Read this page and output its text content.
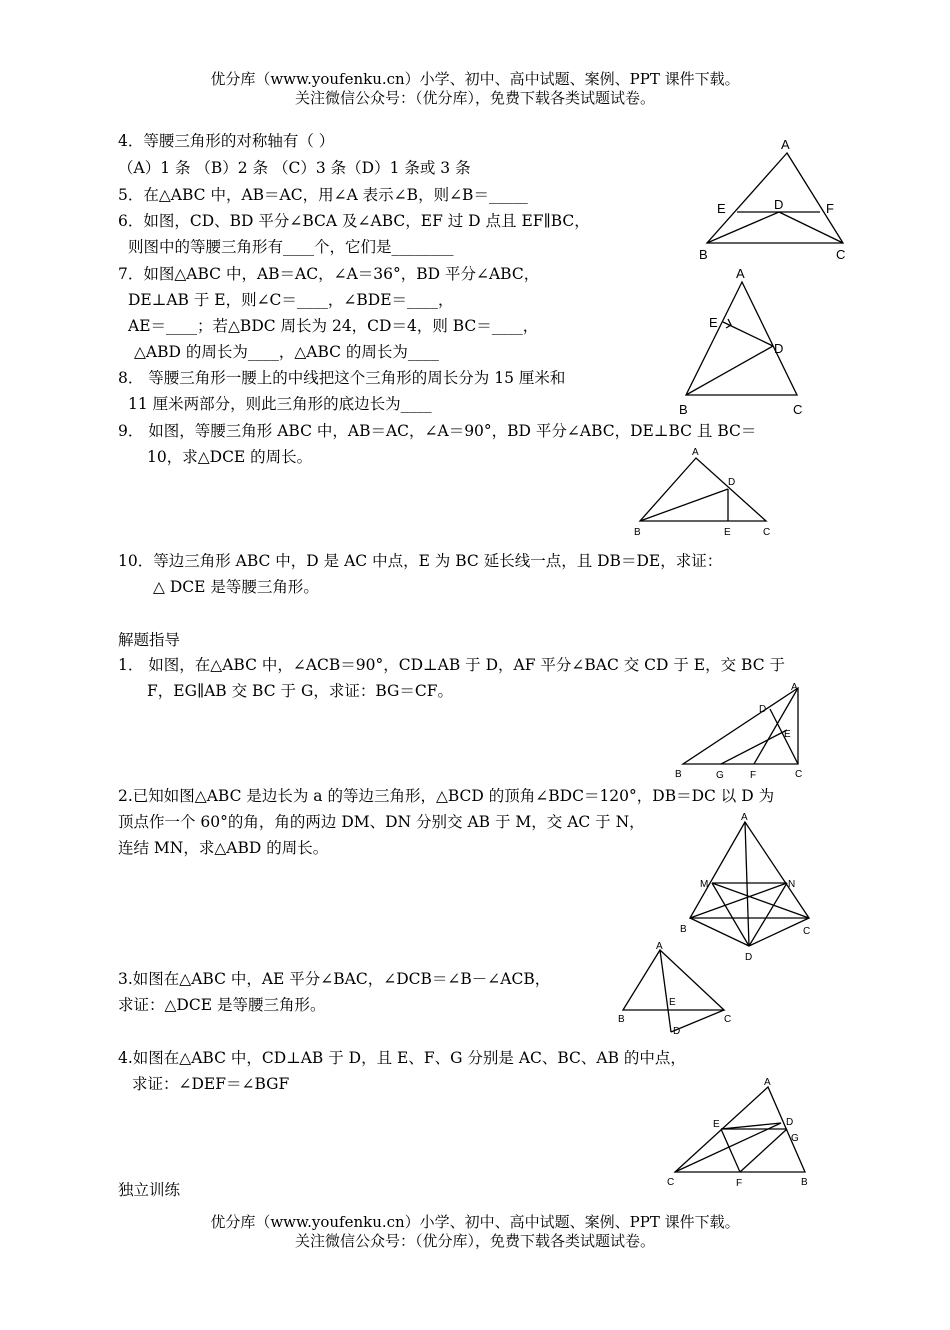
优分库（www.youfenku.cn）小学、初中、高中试题、案例、PPT 课件下载。
关注微信公众号：（优分库），免费下载各类试题试卷。
4．等腰三角形的对称轴有（ ）
（A）1 条 （B）2 条 （C）3 条（D）1 条或 3 条
5．在△ABC 中，AB＝AC，用∠A 表示∠B，则∠B＝_____
6．如图，CD、BD 平分∠BCA 及∠ABC，EF 过 D 点且 EF∥BC，
则图中的等腰三角形有____个，它们是________
7．如图△ABC 中，AB＝AC，∠A＝36°，BD 平分∠ABC，
DE⊥AB 于 E，则∠C＝____，∠BDE＝____，
AE＝____；若△BDC 周长为 24，CD＝4，则 BC＝____，
△ABD 的周长为____，△ABC 的周长为____
8． 等腰三角形一腰上的中线把这个三角形的周长分为 15 厘米和
11 厘米两部分，则此三角形的底边长为____
9． 如图，等腰三角形 ABC 中，AB＝AC，∠A＝90°，BD 平分∠ABC，DE⊥BC 且 BC＝
10，求△DCE 的周长。
10．等边三角形 ABC 中，D 是 AC 中点，E 为 BC 延长线一点，且 DB＝DE，求证：
△ DCE 是等腰三角形。
解题指导
1． 如图，在△ABC 中，∠ACB＝90°，CD⊥AB 于 D，AF 平分∠BAC 交 CD 于 E，交 BC 于
F，EG∥AB 交 BC 于 G，求证：BG＝CF。
2.已知如图△ABC 是边长为 a 的等边三角形，△BCD 的顶角∠BDC＝120°，DB＝DC 以 D 为
顶点作一个 60°的角，角的两边 DM、DN 分别交 AB 于 M，交 AC 于 N，
连结 MN，求△ABD 的周长。
3.如图在△ABC 中，AE 平分∠BAC，∠DCB＝∠B－∠ACB，
求证：△DCE 是等腰三角形。
4.如图在△ABC 中，CD⊥AB 于 D，且 E、F、G 分别是 AC、BC、AB 的中点，
求证：∠DEF＝∠BGF
独立训练
A
B	C
D
E	F
A
B	C
D
E
A
B	C
D
E
A
B	C
D
E
F
G
A
B	C
D
M	N
A
B	C
D
E
A
B
C
D
E
F
G
优分库（www.youfenku.cn）小学、初中、高中试题、案例、PPT 课件下载。
关注微信公众号：（优分库），免费下载各类试题试卷。
